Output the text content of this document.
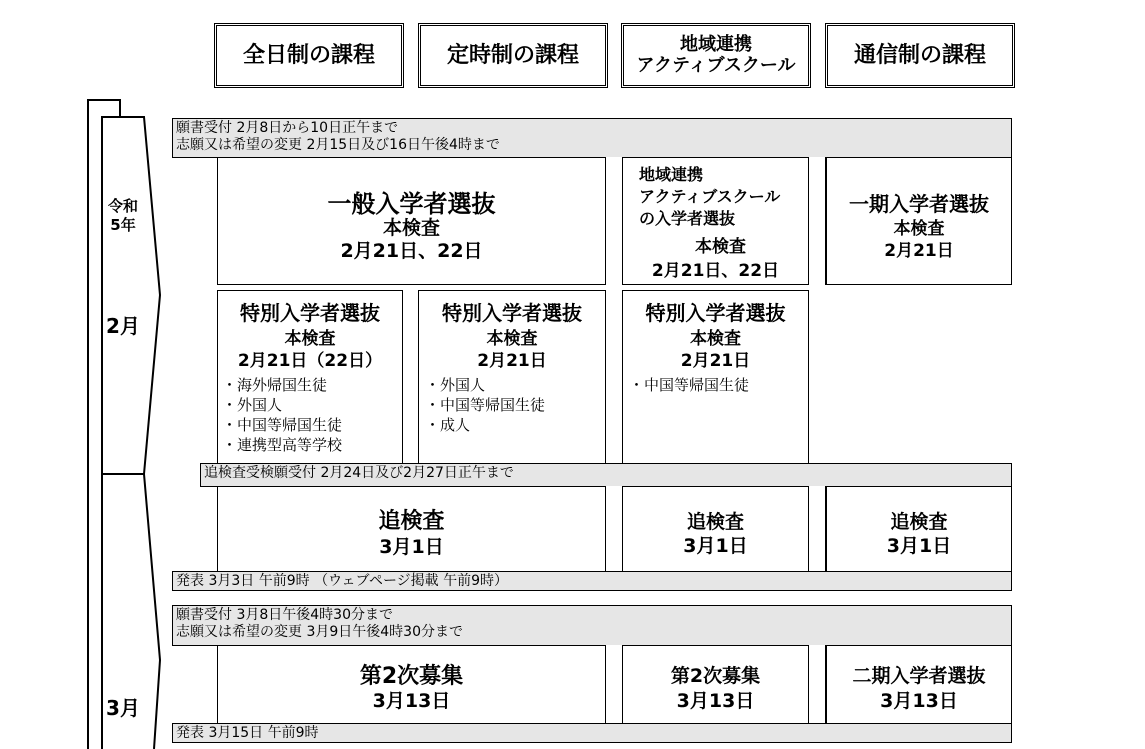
全日制の課程	定時制の課程	地域連携
アクティブスクール	通信制の課程
令和
5年
2月
3月
願書受付 2月8日から10日正午まで
志願又は希望の変更 2月15日及び16日午後4時まで
一般入学者選抜
本検査
2月21日、22日
地域連携
アクティブスクール
の入学者選抜
本検査
2月21日、22日
一期入学者選抜
本検査
2月21日
特別入学者選抜
本検査
2月21日（22日）
・ 海外帰国生徒
・ 外国人
・ 中国等帰国生徒
・ 連携型高等学校
特別入学者選抜
本検査
2月21日
・ 外国人
・ 中国等帰国生徒
・ 成人
特別入学者選抜
本検査
2月21日
・ 中国等帰国生徒
追検査受検願受付 2月24日及び2月27日正午まで
追検査
3月1日
追検査
3月1日
追検査
3月1日
発表 3月3日 午前9時 （ウェブページ掲載 午前9時）
願書受付 3月8日午後4時30分まで
志願又は希望の変更 3月9日午後4時30分まで
第2次募集
3月13日
第2次募集
3月13日
二期入学者選抜
3月13日
発表 3月15日 午前9時
